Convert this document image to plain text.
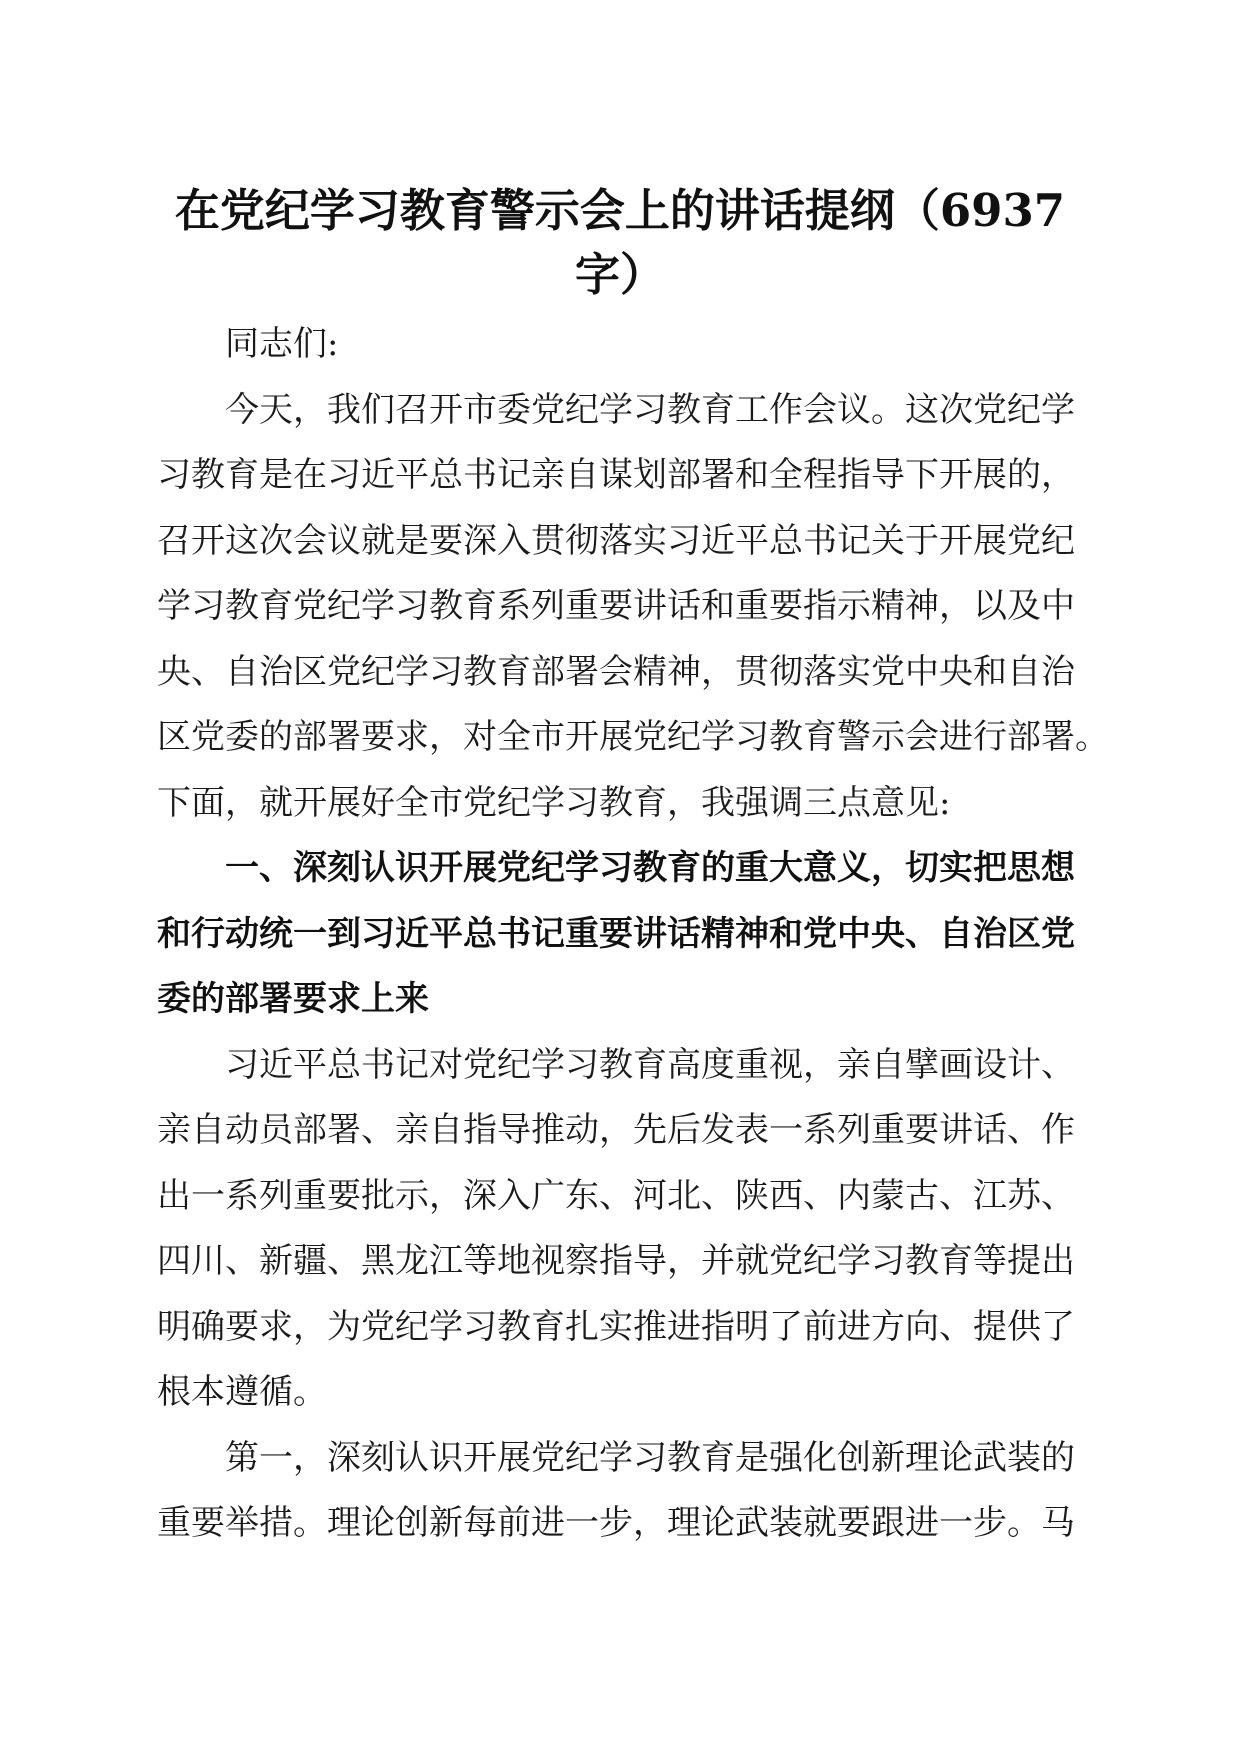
在党纪学习教育警示会上的讲话提纲（6937
字）
同志们:
今天，我们召开市委党纪学习教育工作会议。这次党纪学
习教育是在习近平总书记亲自谋划部署和全程指导下开展的，
召开这次会议就是要深入贯彻落实习近平总书记关于开展党纪
学习教育党纪学习教育系列重要讲话和重要指示精神，以及中
央、自治区党纪学习教育部署会精神，贯彻落实党中央和自治
区党委的部署要求，对全市开展党纪学习教育警示会进行部署。
下面，就开展好全市党纪学习教育，我强调三点意见:
一、深刻认识开展党纪学习教育的重大意义，切实把思想
和行动统一到习近平总书记重要讲话精神和党中央、自治区党
委的部署要求上来
习近平总书记对党纪学习教育高度重视，亲自擘画设计、
亲自动员部署、亲自指导推动，先后发表一系列重要讲话、作
出一系列重要批示，深入广东、河北、陕西、内蒙古、江苏、
四川、新疆、黑龙江等地视察指导，并就党纪学习教育等提出
明确要求，为党纪学习教育扎实推进指明了前进方向、提供了
根本遵循。
第一，深刻认识开展党纪学习教育是强化创新理论武装的
重要举措。理论创新每前进一步，理论武装就要跟进一步。马
